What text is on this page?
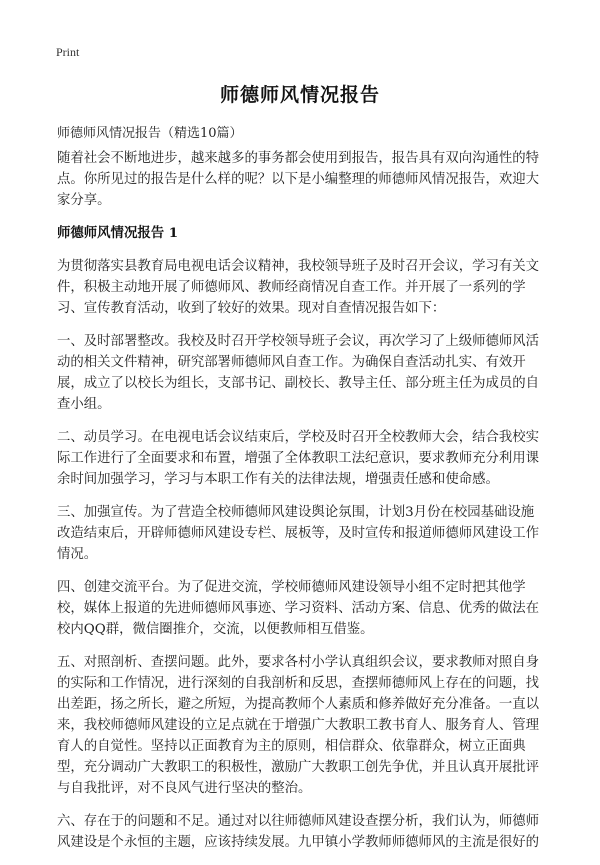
Print
师德师风情况报告
师德师风情况报告（精选10篇）

随着社会不断地进步，越来越多的事务都会使用到报告，报告具有双向沟通性的特点。你所见过的报告是什么样的呢？以下是小编整理的师德师风情况报告，欢迎大家分享。

师德师风情况报告 1

为贯彻落实县教育局电视电话会议精神，我校领导班子及时召开会议，学习有关文件，积极主动地开展了师德师风、教师经商情况自查工作。并开展了一系列的学习、宣传教育活动，收到了较好的效果。现对自查情况报告如下：

一、及时部署整改。我校及时召开学校领导班子会议，再次学习了上级师德师风活动的相关文件精神，研究部署师德师风自查工作。为确保自查活动扎实、有效开展，成立了以校长为组长，支部书记、副校长、教导主任、部分班主任为成员的自查小组。

二、动员学习。在电视电话会议结束后，学校及时召开全校教师大会，结合我校实际工作进行了全面要求和布置，增强了全体教职工法纪意识，要求教师充分利用课余时间加强学习，学习与本职工作有关的法律法规，增强责任感和使命感。

三、加强宣传。为了营造全校师德师风建设舆论氛围，计划3月份在校园基础设施改造结束后，开辟师德师风建设专栏、展板等，及时宣传和报道师德师风建设工作情况。

四、创建交流平台。为了促进交流，学校师德师风建设领导小组不定时把其他学校，媒体上报道的先进师德师风事迹、学习资料、活动方案、信息、优秀的做法在校内QQ群，微信圈推介，交流，以便教师相互借鉴。

五、对照剖析、查摆问题。此外，要求各村小学认真组织会议，要求教师对照自身的实际和工作情况，进行深刻的自我剖析和反思，查摆师德师风上存在的问题，找出差距，扬之所长，避之所短，为提高教师个人素质和修养做好充分准备。一直以来，我校师德师风建设的立足点就在于增强广大教职工教书育人、服务育人、管理育人的自觉性。坚持以正面教育为主的原则，相信群众、依靠群众，树立正面典型，充分调动广大教职工的积极性，激励广大教职工创先争优，并且认真开展批评与自我批评，对不良风气进行坚决的整治。

六、存在于的问题和不足。通过对以往师德师风建设查摆分析，我们认为，师德师风建设是个永恒的主题，应该持续发展。九甲镇小学教师师德师风的主流是很好的
